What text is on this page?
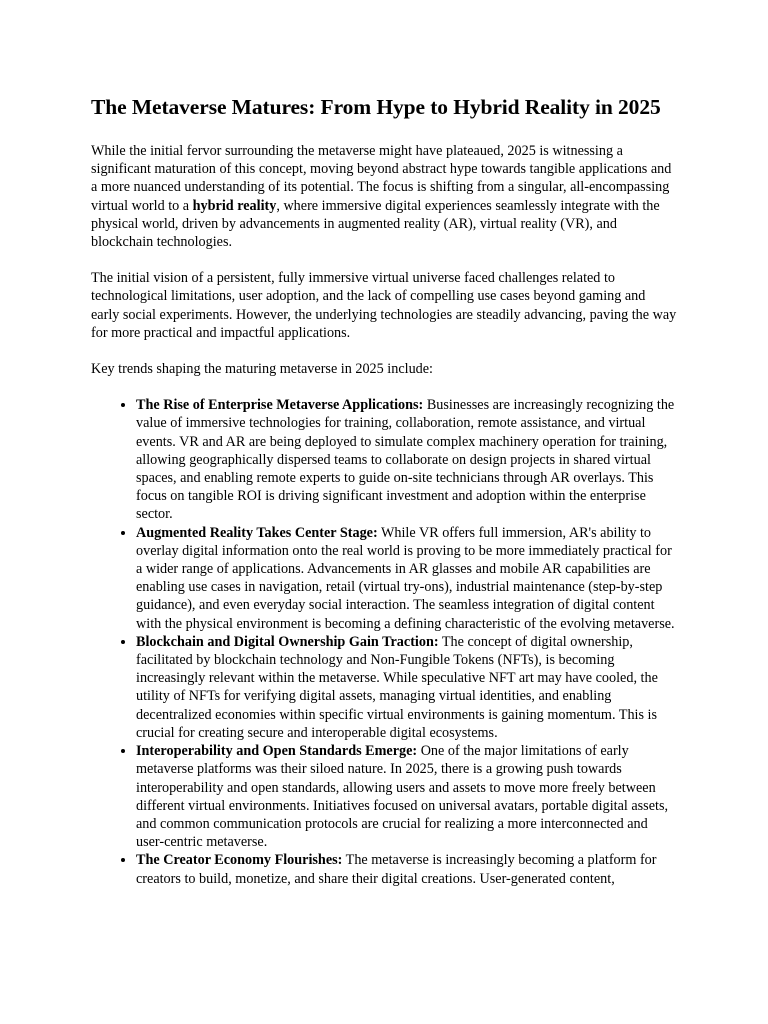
The Metaverse Matures: From Hype to Hybrid Reality in 2025

While the initial fervor surrounding the metaverse might have plateaued, 2025 is witnessing a significant maturation of this concept, moving beyond abstract hype towards tangible applications and a more nuanced understanding of its potential. The focus is shifting from a singular, all-encompassing virtual world to a hybrid reality, where immersive digital experiences seamlessly integrate with the physical world, driven by advancements in augmented reality (AR), virtual reality (VR), and blockchain technologies.

The initial vision of a persistent, fully immersive virtual universe faced challenges related to technological limitations, user adoption, and the lack of compelling use cases beyond gaming and early social experiments. However, the underlying technologies are steadily advancing, paving the way for more practical and impactful applications.

Key trends shaping the maturing metaverse in 2025 include:

• The Rise of Enterprise Metaverse Applications: Businesses are increasingly recognizing the value of immersive technologies for training, collaboration, remote assistance, and virtual events. VR and AR are being deployed to simulate complex machinery operation for training, allowing geographically dispersed teams to collaborate on design projects in shared virtual spaces, and enabling remote experts to guide on-site technicians through AR overlays. This focus on tangible ROI is driving significant investment and adoption within the enterprise sector.
• Augmented Reality Takes Center Stage: While VR offers full immersion, AR's ability to overlay digital information onto the real world is proving to be more immediately practical for a wider range of applications. Advancements in AR glasses and mobile AR capabilities are enabling use cases in navigation, retail (virtual try-ons), industrial maintenance (step-by-step guidance), and even everyday social interaction. The seamless integration of digital content with the physical environment is becoming a defining characteristic of the evolving metaverse.
• Blockchain and Digital Ownership Gain Traction: The concept of digital ownership, facilitated by blockchain technology and Non-Fungible Tokens (NFTs), is becoming increasingly relevant within the metaverse. While speculative NFT art may have cooled, the utility of NFTs for verifying digital assets, managing virtual identities, and enabling decentralized economies within specific virtual environments is gaining momentum. This is crucial for creating secure and interoperable digital ecosystems.
• Interoperability and Open Standards Emerge: One of the major limitations of early metaverse platforms was their siloed nature. In 2025, there is a growing push towards interoperability and open standards, allowing users and assets to move more freely between different virtual environments. Initiatives focused on universal avatars, portable digital assets, and common communication protocols are crucial for realizing a more interconnected and user-centric metaverse.
• The Creator Economy Flourishes: The metaverse is increasingly becoming a platform for creators to build, monetize, and share their digital creations. User-generated content,
